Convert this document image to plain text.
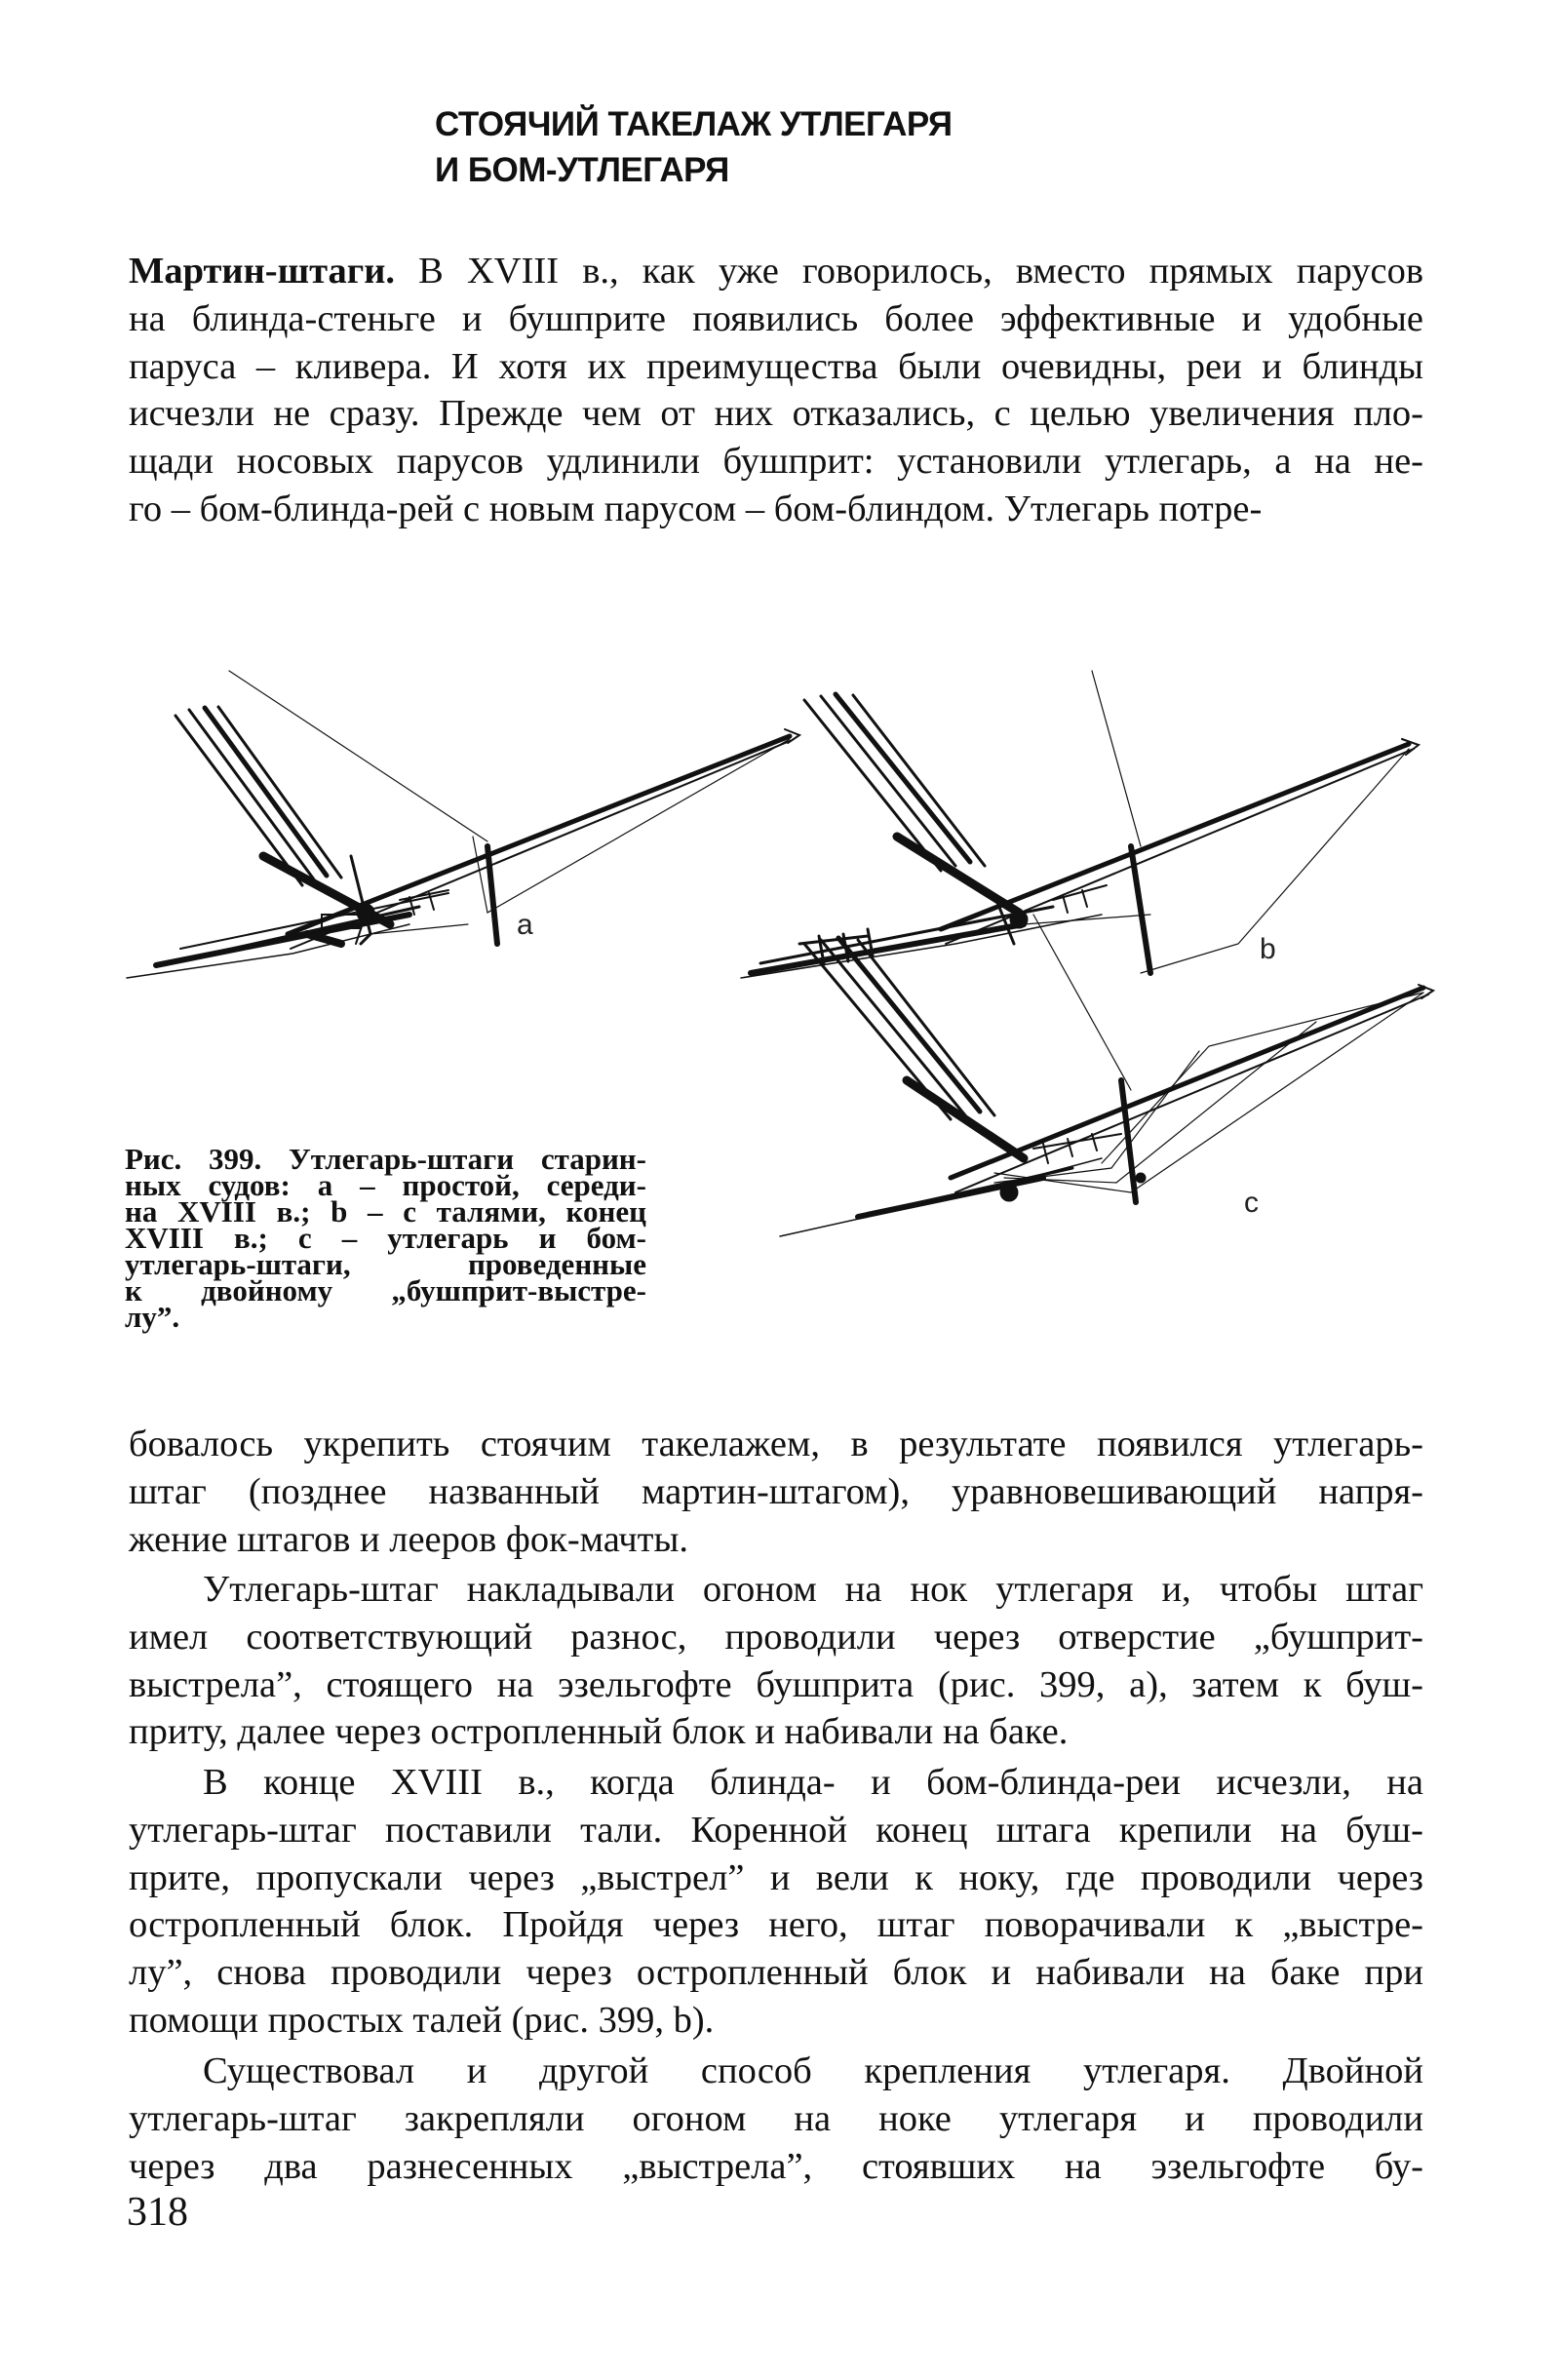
СТОЯЧИЙ ТАКЕЛАЖ УТЛЕГАРЯ
И БОМ-УТЛЕГАРЯ
Мартин-штаги. В XVIII в., как уже говорилось, вместо прямых парусов
на блинда-стеньге и бушприте появились более эффективные и удобные
паруса – кливера. И хотя их преимущества были очевидны, реи и блинды
исчезли не сразу. Прежде чем от них отказались, с целью увеличения пло-
щади носовых парусов удлинили бушприт: установили утлегарь, а на не-
го – бом-блинда-рей с новым парусом – бом-блиндом. Утлегарь потре-
a
b
c
Рис. 399. Утлегарь-штаги старин-
ных судов: a – простой, середи-
на XVIII в.; b – с талями, конец
XVIII в.; c – утлегарь и бом-
утлегарь-штаги, проведенные
к двойному „бушприт-выстре-
лу”.
бовалось укрепить стоячим такелажем, в результате появился утлегарь-
штаг (позднее названный мартин-штагом), уравновешивающий напря-
жение штагов и лееров фок-мачты.
Утлегарь-штаг накладывали огоном на нок утлегаря и, чтобы штаг
имел соответствующий разнос, проводили через отверстие „бушприт-
выстрела”, стоящего на эзельгофте бушприта (рис. 399, a), затем к буш-
приту, далее через остропленный блок и набивали на баке.
В конце XVIII в., когда блинда- и бом-блинда-реи исчезли, на
утлегарь-штаг поставили тали. Коренной конец штага крепили на буш-
прите, пропускали через „выстрел” и вели к ноку, где проводили через
остропленный блок. Пройдя через него, штаг поворачивали к „выстре-
лу”, снова проводили через остропленный блок и набивали на баке при
помощи простых талей (рис. 399, b).
Существовал и другой способ крепления утлегаря. Двойной
утлегарь-штаг закрепляли огоном на ноке утлегаря и проводили
через два разнесенных „выстрела”, стоявших на эзельгофте бу-
318
